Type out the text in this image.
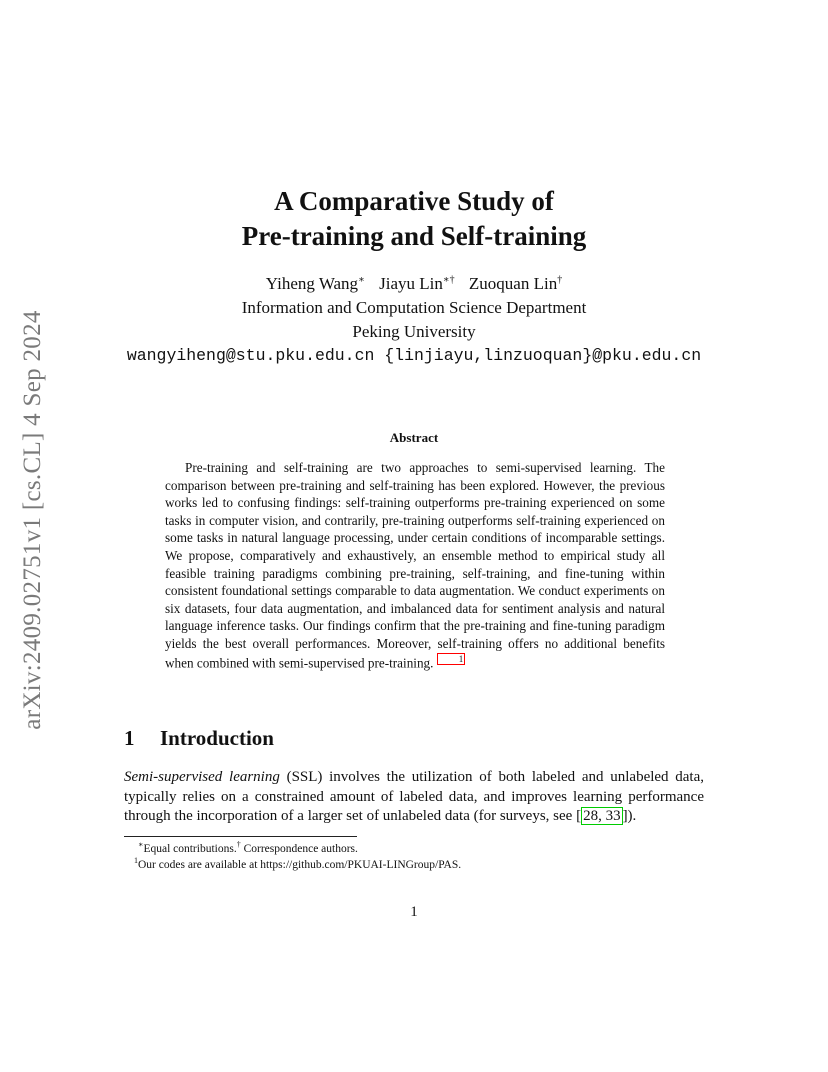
arXiv:2409.02751v1 [cs.CL] 4 Sep 2024
A Comparative Study of
Pre-training and Self-training
Yiheng Wang∗ Jiayu Lin∗† Zuoquan Lin†
Information and Computation Science Department
Peking University
wangyiheng@stu.pku.edu.cn {linjiayu,linzuoquan}@pku.edu.cn
Abstract
Pre-training and self-training are two approaches to semi-supervised learning. The comparison between pre-training and self-training has been explored. However, the previous works led to confusing findings: self-training outperforms pre-training experienced on some tasks in computer vision, and contrarily, pre-training outperforms self-training experienced on some tasks in natural language processing, under certain conditions of incomparable settings. We propose, comparatively and exhaustively, an ensemble method to empirical study all feasible training paradigms combining pre-training, self-training, and fine-tuning within consistent foundational settings comparable to data augmentation. We conduct experiments on six datasets, four data augmentation, and imbalanced data for sentiment analysis and natural language inference tasks. Our findings confirm that the pre-training and fine-tuning paradigm yields the best overall performances. Moreover, self-training offers no additional benefits when combined with semi-supervised pre-training.	1
1 Introduction
Semi-supervised learning (SSL) involves the utilization of both labeled and unlabeled data, typically relies on a constrained amount of labeled data, and improves learning performance through the incorporation of a larger set of unlabeled data (for surveys, see [ 28, 33 ]).
∗Equal contributions.† Correspondence authors.
$^1$Our codes are available at https://github.com/PKUAI-LINGroup/PAS.
1
